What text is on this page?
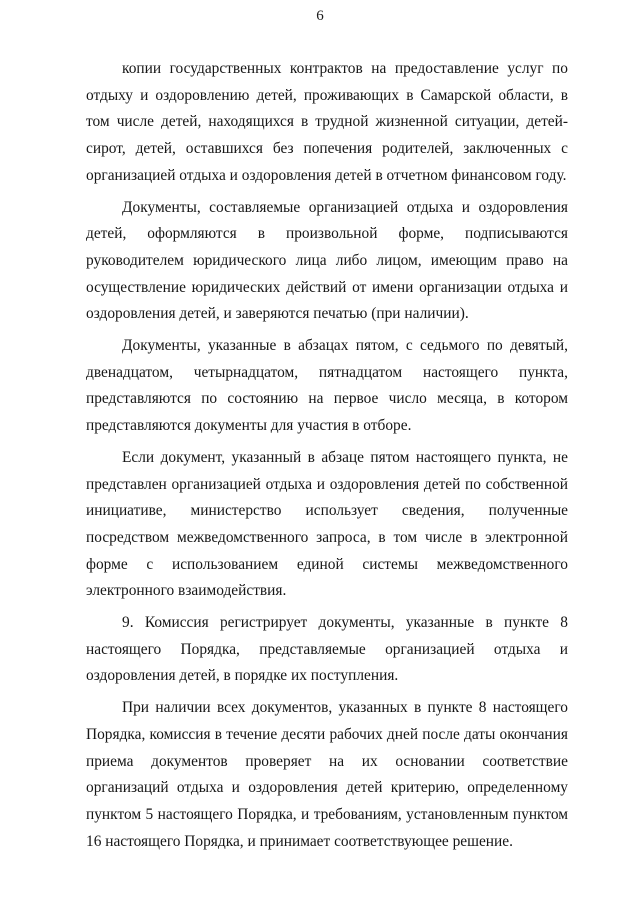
6

копии государственных контрактов на предоставление услуг по отдыху и оздоровлению детей, проживающих в Самарской области, в том числе детей, находящихся в трудной жизненной ситуации, детей-сирот, детей, оставшихся без попечения родителей, заключенных с организацией отдыха и оздоровления детей в отчетном финансовом году.

Документы, составляемые организацией отдыха и оздоровления детей, оформляются в произвольной форме, подписываются руководителем юридического лица либо лицом, имеющим право на осуществление юридических действий от имени организации отдыха и оздоровления детей, и заверяются печатью (при наличии).

Документы, указанные в абзацах пятом, с седьмого по девятый, двенадцатом, четырнадцатом, пятнадцатом настоящего пункта, представляются по состоянию на первое число месяца, в котором представляются документы для участия в отборе.

Если документ, указанный в абзаце пятом настоящего пункта, не представлен организацией отдыха и оздоровления детей по собственной инициативе, министерство использует сведения, полученные посредством межведомственного запроса, в том числе в электронной форме с использованием единой системы межведомственного электронного взаимодействия.

9. Комиссия регистрирует документы, указанные в пункте 8 настоящего Порядка, представляемые организацией отдыха и оздоровления детей, в порядке их поступления.

При наличии всех документов, указанных в пункте 8 настоящего Порядка, комиссия в течение десяти рабочих дней после даты окончания приема документов проверяет на их основании соответствие организаций отдыха и оздоровления детей критерию, определенному пунктом 5 настоящего Порядка, и требованиям, установленным пунктом 16 настоящего Порядка, и принимает соответствующее решение.
